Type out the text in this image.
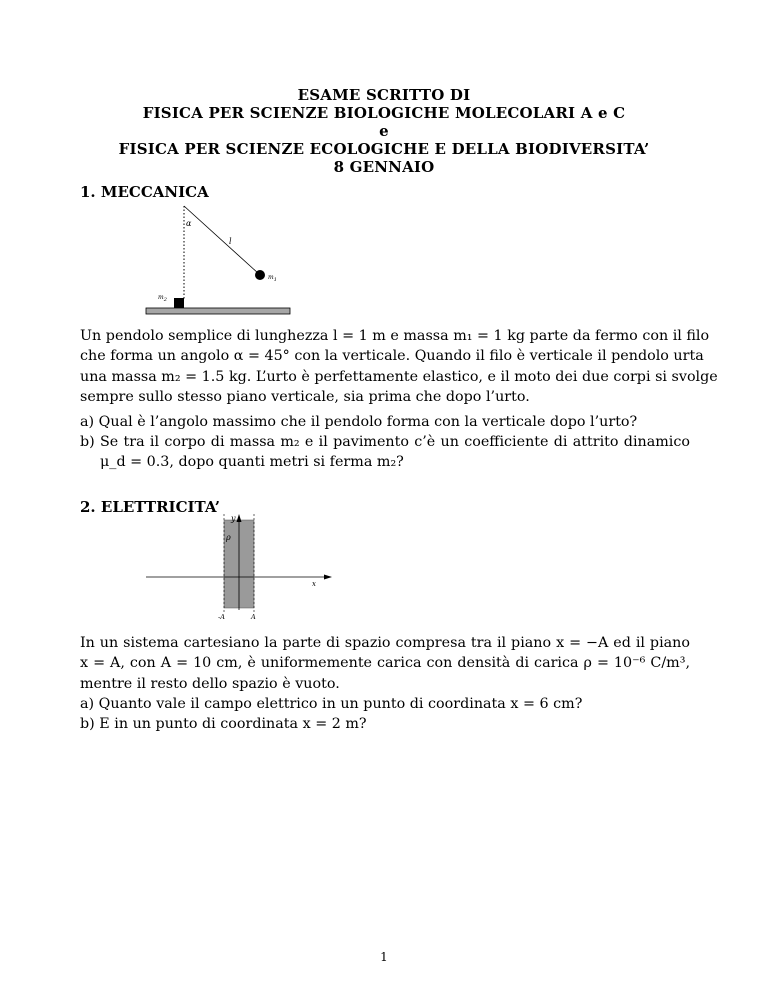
ESAME SCRITTO DI
FISICA PER SCIENZE BIOLOGICHE MOLECOLARI A e C
e
FISICA PER SCIENZE ECOLOGICHE E DELLA BIODIVERSITA’
8 GENNAIO
1. MECCANICA
α
l
$m_1$
$m_2$
Un pendolo semplice di lunghezza l = 1 m e massa m₁ = 1 kg parte da fermo con il filo
che forma un angolo α = 45° con la verticale. Quando il filo è verticale il pendolo urta
una massa m₂ = 1.5 kg. L’urto è perfettamente elastico, e il moto dei due corpi si svolge
sempre sullo stesso piano verticale, sia prima che dopo l’urto.
a) Qual è l’angolo massimo che il pendolo forma con la verticale dopo l’urto?
b) Se tra il corpo di massa m₂ e il pavimento c’è un coefficiente di attrito dinamico
μ_d = 0.3, dopo quanti metri si ferma m₂?
2. ELETTRICITA’
y
x
ρ
-A	A
In un sistema cartesiano la parte di spazio compresa tra il piano x = −A ed il piano
x = A, con A = 10 cm, è uniformemente carica con densità di carica ρ = 10⁻⁶ C/m³,
mentre il resto dello spazio è vuoto.
a) Quanto vale il campo elettrico in un punto di coordinata x = 6 cm?
b) E in un punto di coordinata x = 2 m?
1
